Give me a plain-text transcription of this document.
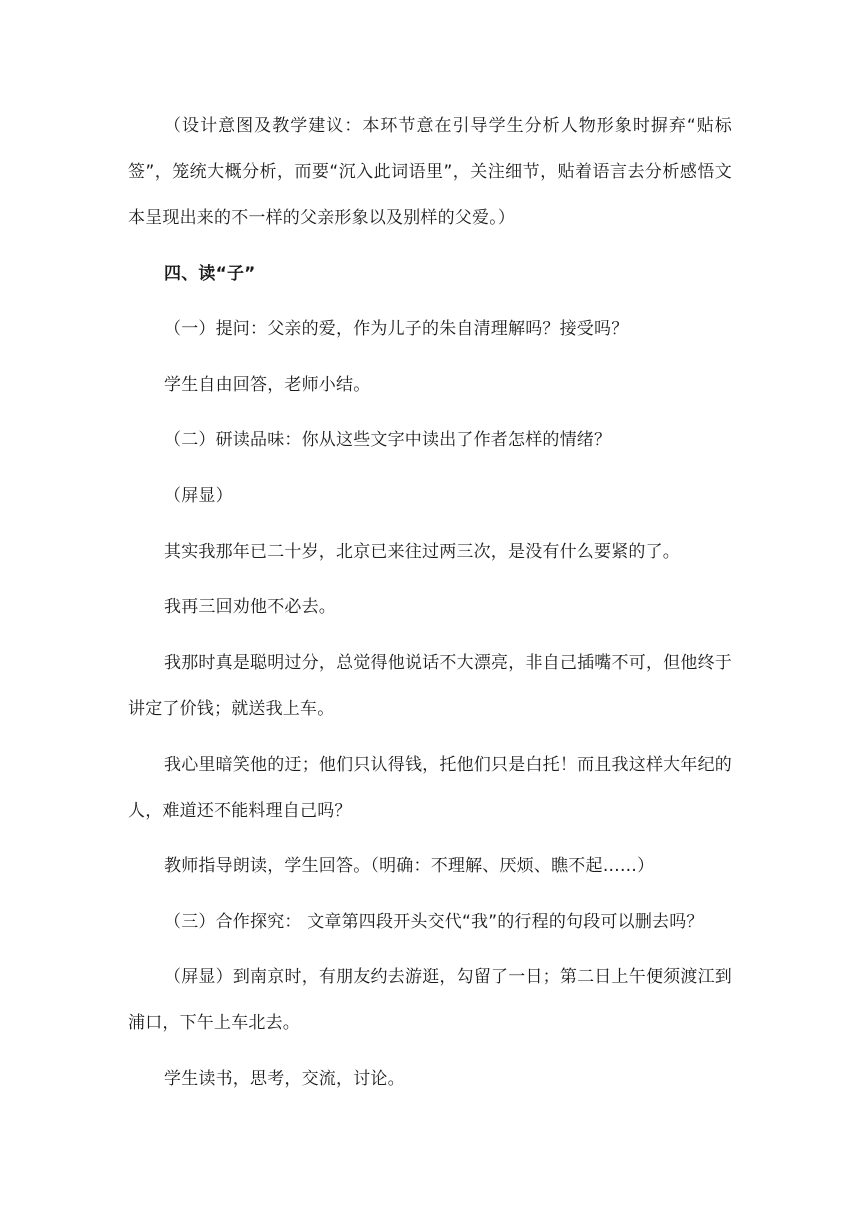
（设计意图及教学建议：本环节意在引导学生分析人物形象时摒弃“贴标签”，笼统大概分析，而要“沉入此词语里”，关注细节，贴着语言去分析感悟文本呈现出来的不一样的父亲形象以及别样的父爱。）

四、读“子”

（一）提问：父亲的爱，作为儿子的朱自清理解吗？接受吗？

学生自由回答，老师小结。

（二）研读品味：你从这些文字中读出了作者怎样的情绪？

（屏显）

其实我那年已二十岁，北京已来往过两三次，是没有什么要紧的了。

我再三回劝他不必去。

我那时真是聪明过分，总觉得他说话不大漂亮，非自己插嘴不可，但他终于讲定了价钱；就送我上车。

我心里暗笑他的迂；他们只认得钱，托他们只是白托！而且我这样大年纪的人，难道还不能料理自己吗？

教师指导朗读，学生回答。（明确：不理解、厌烦、瞧不起……）

（三）合作探究： 文章第四段开头交代“我”的行程的句段可以删去吗？

（屏显）到南京时，有朋友约去游逛，勾留了一日；第二日上午便须渡江到浦口，下午上车北去。

学生读书，思考，交流，讨论。
